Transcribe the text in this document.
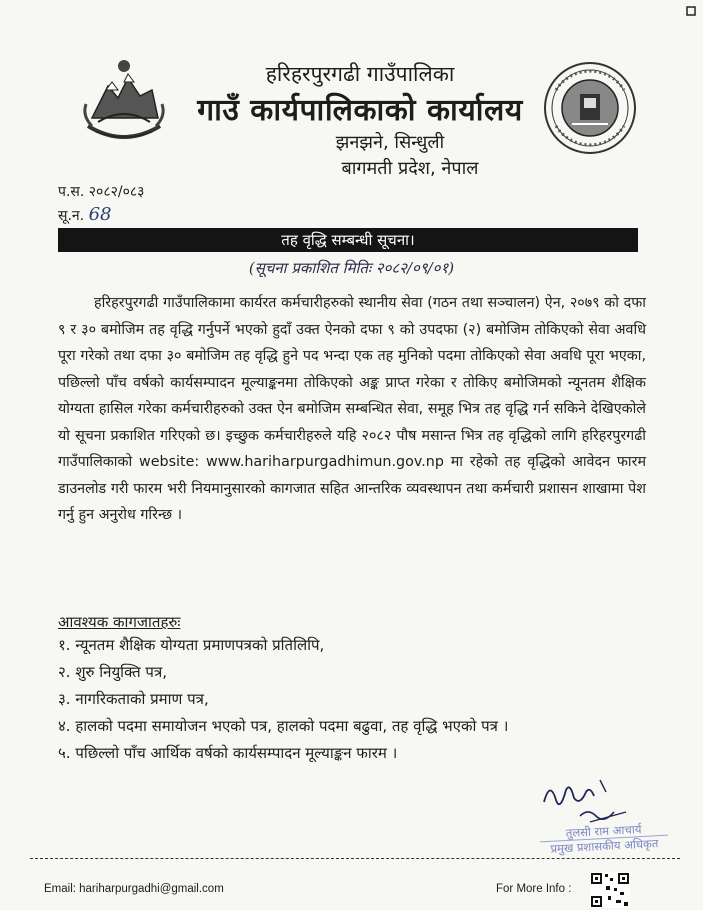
हरिहरपुरगढी गाउँपालिका
गाउँ कार्यपालिकाको कार्यालय
झनझने, सिन्धुली
बागमती प्रदेश, नेपाल
प.स. २०८२/०८३
सू.न. 68
तह वृद्धि सम्बन्धी सूचना।
(सूचना प्रकाशित मितिः २०८२/०९/०१)
हरिहरपुरगढी गाउँपालिकामा कार्यरत कर्मचारीहरुको स्थानीय सेवा (गठन तथा सञ्चालन) ऐन, २०७९ को दफा ९ र ३० बमोजिम तह वृद्धि गर्नुपर्ने भएको हुदाँ उक्त ऐनको दफा ९ को उपदफा (२) बमोजिम तोकिएको सेवा अवधि पूरा गरेको तथा दफा ३० बमोजिम तह वृद्धि हुने पद भन्दा एक तह मुनिको पदमा तोकिएको सेवा अवधि पूरा भएका, पछिल्लो पाँच वर्षको कार्यसम्पादन मूल्याङ्कनमा तोकिएको अङ्क प्राप्त गरेका र तोकिए बमोजिमको न्यूनतम शैक्षिक योग्यता हासिल गरेका कर्मचारीहरुको उक्त ऐन बमोजिम सम्बन्धित सेवा, समूह भित्र तह वृद्धि गर्न सकिने देखिएकोले यो सूचना प्रकाशित गरिएको छ। इच्छुक कर्मचारीहरुले यहि २०८२ पौष मसान्त भित्र तह वृद्धिको लागि हरिहरपुरगढी गाउँपालिकाको website: www.hariharpurgadhimun.gov.np मा रहेको तह वृद्धिको आवेदन फारम डाउनलोड गरी फारम भरी नियमानुसारको कागजात सहित आन्तरिक व्यवस्थापन तथा कर्मचारी प्रशासन शाखामा पेश गर्नु हुन अनुरोध गरिन्छ ।
आवश्यक कागजातहरुः
१. न्यूनतम शैक्षिक योग्यता प्रमाणपत्रको प्रतिलिपि,
२. शुरु नियुक्ति पत्र,
३. नागरिकताको प्रमाण पत्र,
४. हालको पदमा समायोजन भएको पत्र, हालको पदमा बढुवा, तह वृद्धि भएको पत्र ।
५. पछिल्लो पाँच आर्थिक वर्षको कार्यसम्पादन मूल्याङ्कन फारम ।
तुलसी राम आचार्य
प्रमुख प्रशासकीय अधिकृत
Email: hariharpurgadhi@gmail.com	For More Info :
